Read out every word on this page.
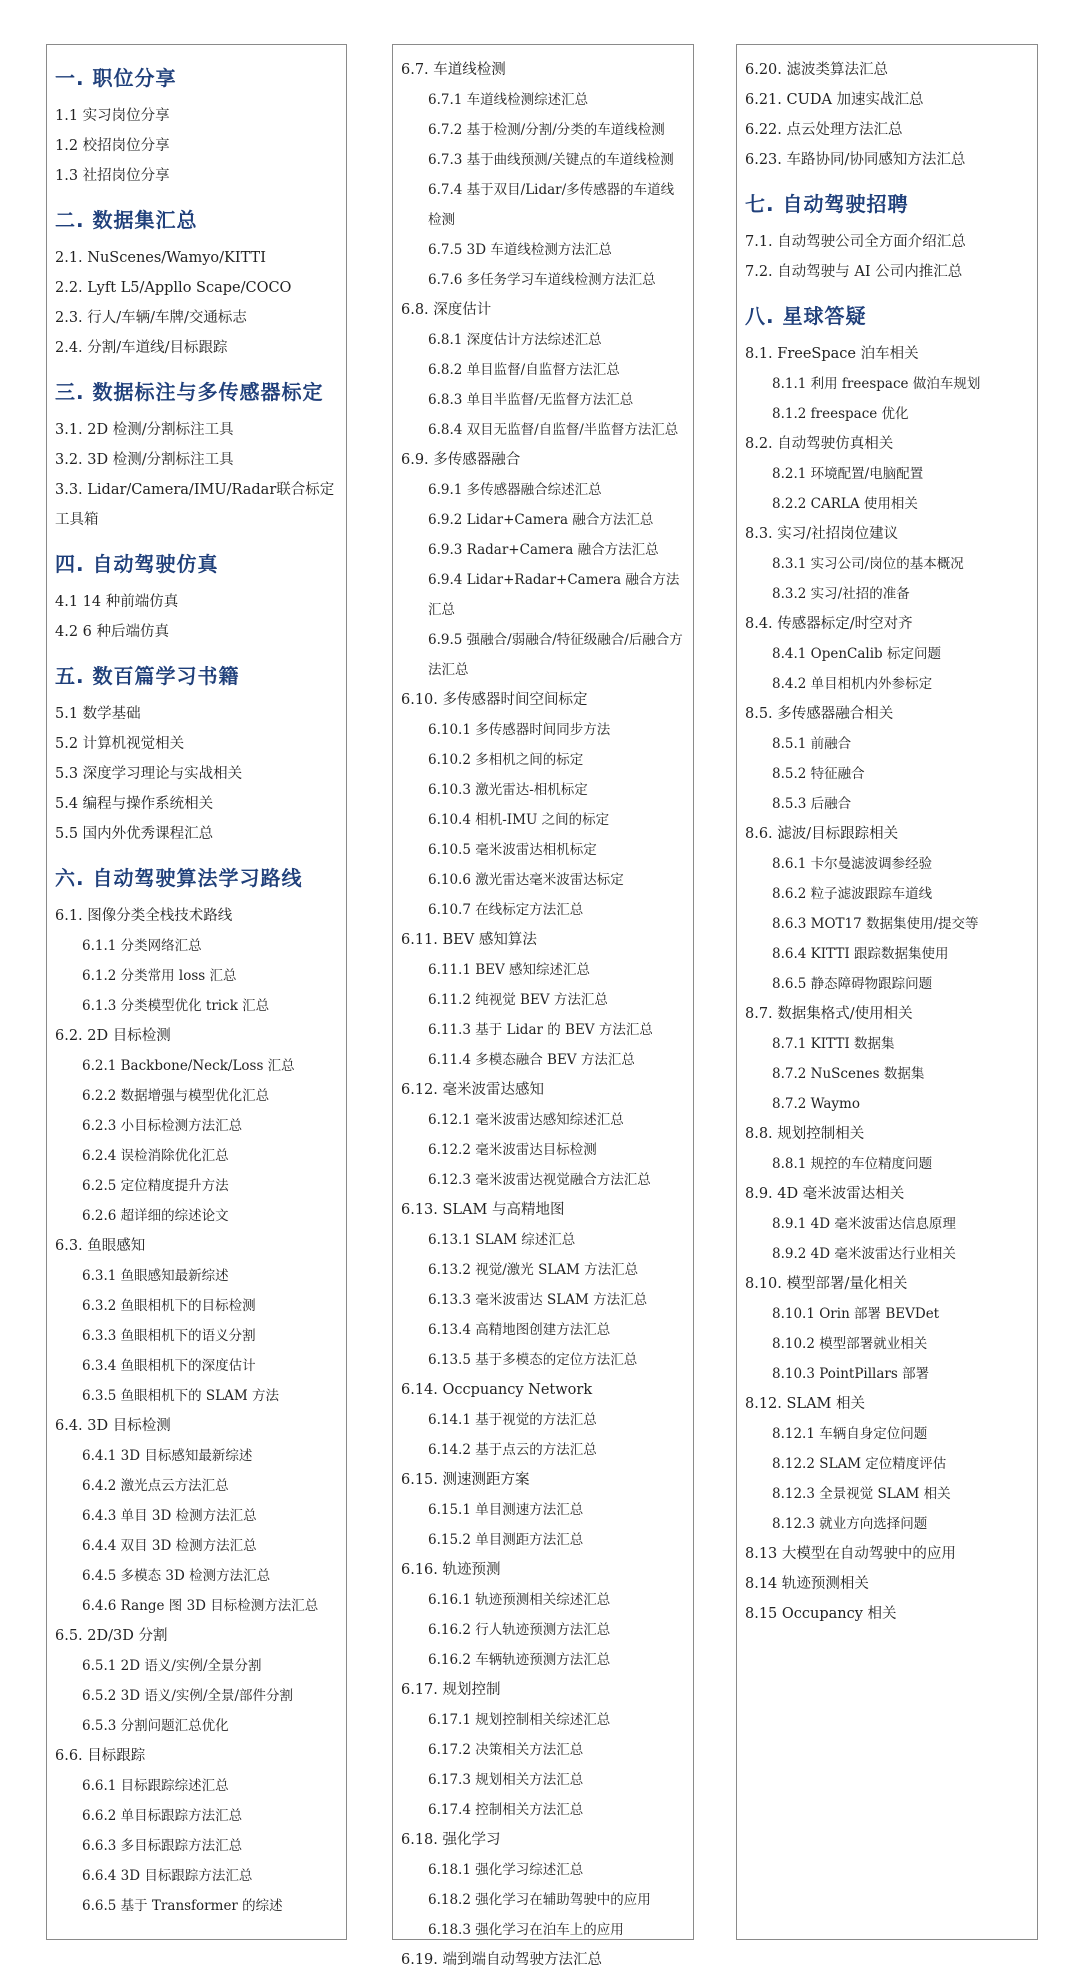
一. 职位分享
1.1 实习岗位分享
1.2 校招岗位分享
1.3 社招岗位分享
二. 数据集汇总
2.1. NuScenes/Wamyo/KITTI
2.2. Lyft L5/Appllo Scape/COCO
2.3. 行人/车辆/车牌/交通标志
2.4. 分割/车道线/目标跟踪
三. 数据标注与多传感器标定
3.1. 2D 检测/分割标注工具
3.2. 3D 检测/分割标注工具
3.3. Lidar/Camera/IMU/Radar联合标定工具箱
四. 自动驾驶仿真
4.1 14 种前端仿真
4.2 6 种后端仿真
五. 数百篇学习书籍
5.1 数学基础
5.2 计算机视觉相关
5.3 深度学习理论与实战相关
5.4 编程与操作系统相关
5.5 国内外优秀课程汇总
六. 自动驾驶算法学习路线
6.1. 图像分类全栈技术路线
6.1.1 分类网络汇总
6.1.2 分类常用 loss 汇总
6.1.3 分类模型优化 trick 汇总
6.2. 2D 目标检测
6.2.1 Backbone/Neck/Loss 汇总
6.2.2 数据增强与模型优化汇总
6.2.3 小目标检测方法汇总
6.2.4 误检消除优化汇总
6.2.5 定位精度提升方法
6.2.6 超详细的综述论文
6.3. 鱼眼感知
6.3.1 鱼眼感知最新综述
6.3.2 鱼眼相机下的目标检测
6.3.3 鱼眼相机下的语义分割
6.3.4 鱼眼相机下的深度估计
6.3.5 鱼眼相机下的 SLAM 方法
6.4. 3D 目标检测
6.4.1 3D 目标感知最新综述
6.4.2 激光点云方法汇总
6.4.3 单目 3D 检测方法汇总
6.4.4 双目 3D 检测方法汇总
6.4.5 多模态 3D 检测方法汇总
6.4.6 Range 图 3D 目标检测方法汇总
6.5. 2D/3D 分割
6.5.1 2D 语义/实例/全景分割
6.5.2 3D 语义/实例/全景/部件分割
6.5.3 分割问题汇总优化
6.6. 目标跟踪
6.6.1 目标跟踪综述汇总
6.6.2 单目标跟踪方法汇总
6.6.3 多目标跟踪方法汇总
6.6.4 3D 目标跟踪方法汇总
6.6.5 基于 Transformer 的综述
6.7. 车道线检测
6.7.1 车道线检测综述汇总
6.7.2 基于检测/分割/分类的车道线检测
6.7.3 基于曲线预测/关键点的车道线检测
6.7.4 基于双目/Lidar/多传感器的车道线检测
6.7.5 3D 车道线检测方法汇总
6.7.6 多任务学习车道线检测方法汇总
6.8. 深度估计
6.8.1 深度估计方法综述汇总
6.8.2 单目监督/自监督方法汇总
6.8.3 单目半监督/无监督方法汇总
6.8.4 双目无监督/自监督/半监督方法汇总
6.9. 多传感器融合
6.9.1 多传感器融合综述汇总
6.9.2 Lidar+Camera 融合方法汇总
6.9.3 Radar+Camera 融合方法汇总
6.9.4 Lidar+Radar+Camera 融合方法汇总
6.9.5 强融合/弱融合/特征级融合/后融合方法汇总
6.10. 多传感器时间空间标定
6.10.1 多传感器时间同步方法
6.10.2 多相机之间的标定
6.10.3 激光雷达-相机标定
6.10.4 相机-IMU 之间的标定
6.10.5 毫米波雷达相机标定
6.10.6 激光雷达毫米波雷达标定
6.10.7 在线标定方法汇总
6.11. BEV 感知算法
6.11.1 BEV 感知综述汇总
6.11.2 纯视觉 BEV 方法汇总
6.11.3 基于 Lidar 的 BEV 方法汇总
6.11.4 多模态融合 BEV 方法汇总
6.12. 毫米波雷达感知
6.12.1 毫米波雷达感知综述汇总
6.12.2 毫米波雷达目标检测
6.12.3 毫米波雷达视觉融合方法汇总
6.13. SLAM 与高精地图
6.13.1 SLAM 综述汇总
6.13.2 视觉/激光 SLAM 方法汇总
6.13.3 毫米波雷达 SLAM 方法汇总
6.13.4 高精地图创建方法汇总
6.13.5 基于多模态的定位方法汇总
6.14. Occpuancy Network
6.14.1 基于视觉的方法汇总
6.14.2 基于点云的方法汇总
6.15. 测速测距方案
6.15.1 单目测速方法汇总
6.15.2 单目测距方法汇总
6.16. 轨迹预测
6.16.1 轨迹预测相关综述汇总
6.16.2 行人轨迹预测方法汇总
6.16.2 车辆轨迹预测方法汇总
6.17. 规划控制
6.17.1 规划控制相关综述汇总
6.17.2 决策相关方法汇总
6.17.3 规划相关方法汇总
6.17.4 控制相关方法汇总
6.18. 强化学习
6.18.1 强化学习综述汇总
6.18.2 强化学习在辅助驾驶中的应用
6.18.3 强化学习在泊车上的应用
6.19. 端到端自动驾驶方法汇总
6.20. 滤波类算法汇总
6.21. CUDA 加速实战汇总
6.22. 点云处理方法汇总
6.23. 车路协同/协同感知方法汇总
七. 自动驾驶招聘
7.1. 自动驾驶公司全方面介绍汇总
7.2. 自动驾驶与 AI 公司内推汇总
八. 星球答疑
8.1. FreeSpace 泊车相关
8.1.1 利用 freespace 做泊车规划
8.1.2 freespace 优化
8.2. 自动驾驶仿真相关
8.2.1 环境配置/电脑配置
8.2.2 CARLA 使用相关
8.3. 实习/社招岗位建议
8.3.1 实习公司/岗位的基本概况
8.3.2 实习/社招的准备
8.4. 传感器标定/时空对齐
8.4.1 OpenCalib 标定问题
8.4.2 单目相机内外参标定
8.5. 多传感器融合相关
8.5.1 前融合
8.5.2 特征融合
8.5.3 后融合
8.6. 滤波/目标跟踪相关
8.6.1 卡尔曼滤波调参经验
8.6.2 粒子滤波跟踪车道线
8.6.3 MOT17 数据集使用/提交等
8.6.4 KITTI 跟踪数据集使用
8.6.5 静态障碍物跟踪问题
8.7. 数据集格式/使用相关
8.7.1 KITTI 数据集
8.7.2 NuScenes 数据集
8.7.2 Waymo
8.8. 规划控制相关
8.8.1 规控的车位精度问题
8.9. 4D 毫米波雷达相关
8.9.1 4D 毫米波雷达信息原理
8.9.2 4D 毫米波雷达行业相关
8.10. 模型部署/量化相关
8.10.1 Orin 部署 BEVDet
8.10.2 模型部署就业相关
8.10.3 PointPillars 部署
8.12. SLAM 相关
8.12.1 车辆自身定位问题
8.12.2 SLAM 定位精度评估
8.12.3 全景视觉 SLAM 相关
8.12.3 就业方向选择问题
8.13 大模型在自动驾驶中的应用
8.14 轨迹预测相关
8.15 Occupancy 相关
